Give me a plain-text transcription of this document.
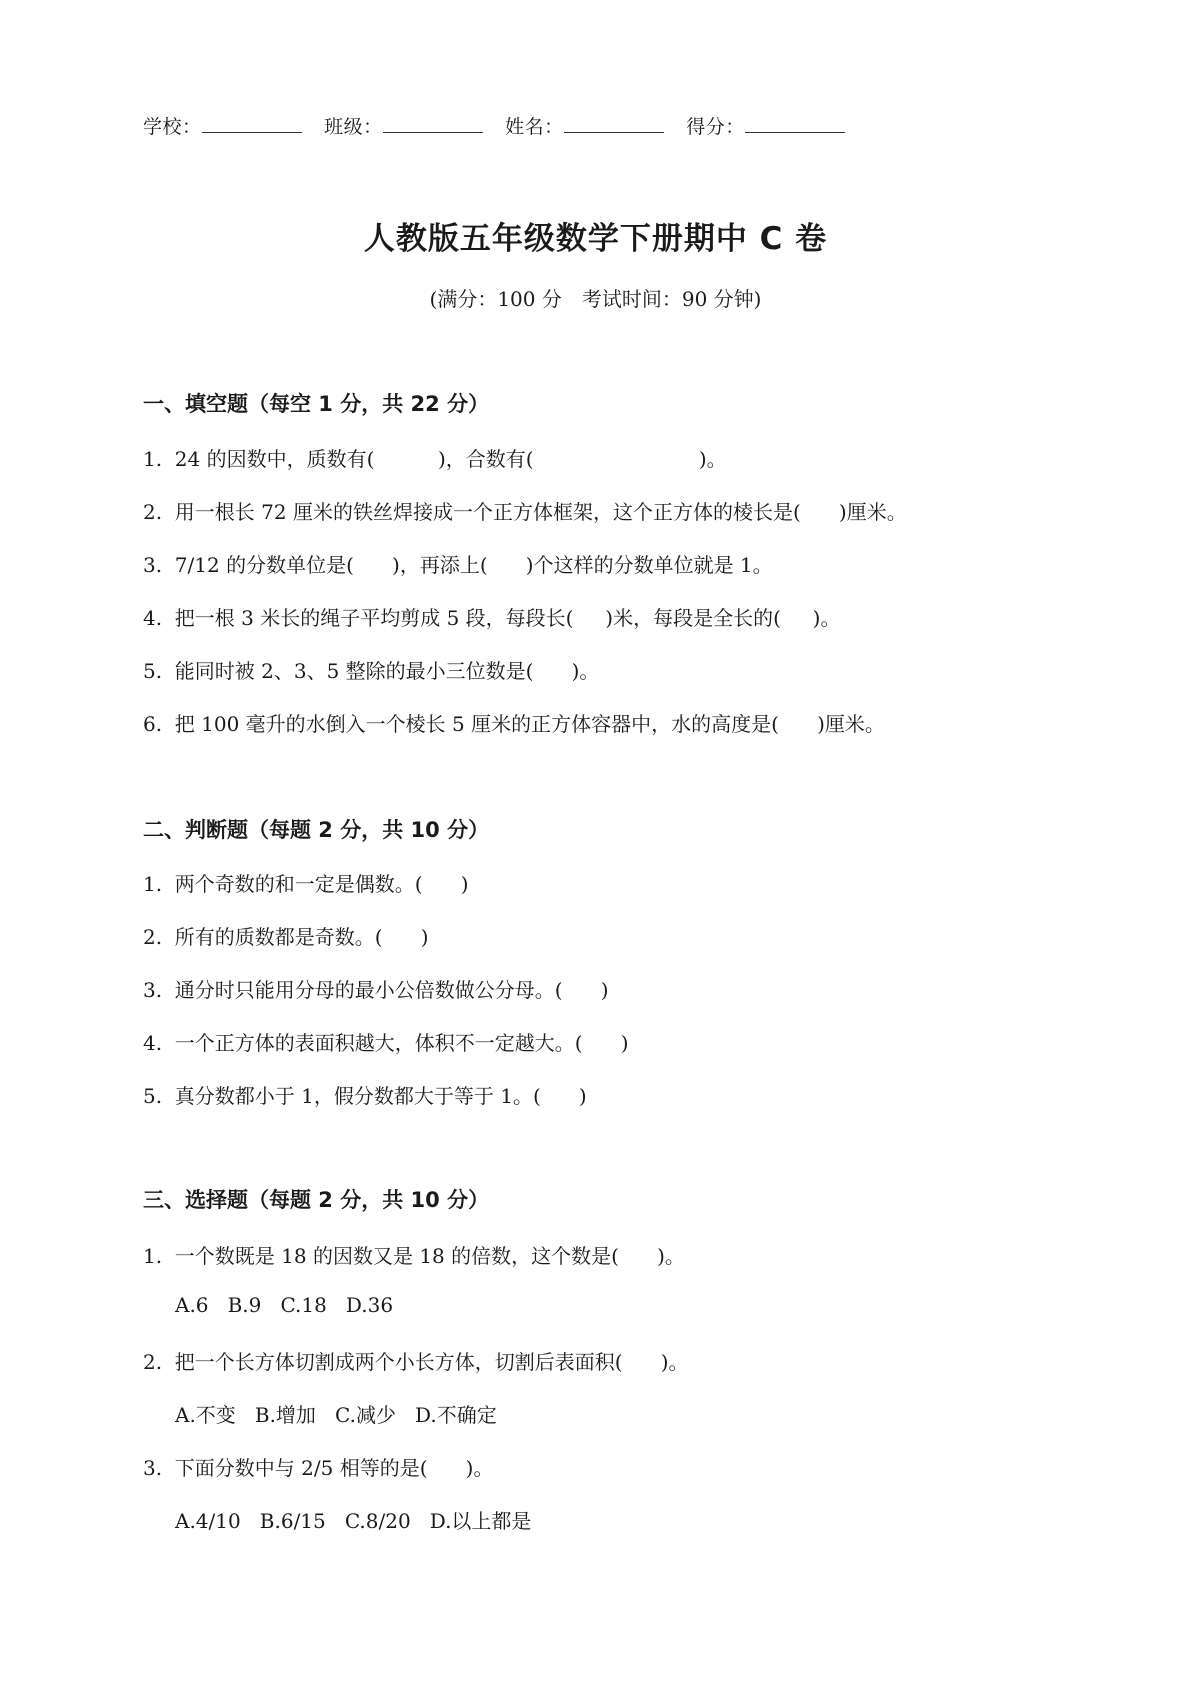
学校：	班级：	姓名：	得分：
人教版五年级数学下册期中 C 卷
(满分：100 分　考试时间：90 分钟)
一、填空题（每空 1 分，共 22 分）
1.  24 的因数中，质数有(          )，合数有(                          )。
2.  用一根长 72 厘米的铁丝焊接成一个正方体框架，这个正方体的棱长是(      )厘米。
3.  7/12 的分数单位是(      )，再添上(      )个这样的分数单位就是 1。
4.  把一根 3 米长的绳子平均剪成 5 段，每段长(     )米，每段是全长的(     )。
5.  能同时被 2、3、5 整除的最小三位数是(      )。
6.  把 100 毫升的水倒入一个棱长 5 厘米的正方体容器中，水的高度是(      )厘米。
二、判断题（每题 2 分，共 10 分）
1.  两个奇数的和一定是偶数。(      )
2.  所有的质数都是奇数。(      )
3.  通分时只能用分母的最小公倍数做公分母。(      )
4.  一个正方体的表面积越大，体积不一定越大。(      )
5.  真分数都小于 1，假分数都大于等于 1。(      )
三、选择题（每题 2 分，共 10 分）
1.  一个数既是 18 的因数又是 18 的倍数，这个数是(      )。
A.6   B.9   C.18   D.36
2.  把一个长方体切割成两个小长方体，切割后表面积(      )。
A.不变   B.增加   C.减少   D.不确定
3.  下面分数中与 2/5 相等的是(      )。
A.4/10   B.6/15   C.8/20   D.以上都是
